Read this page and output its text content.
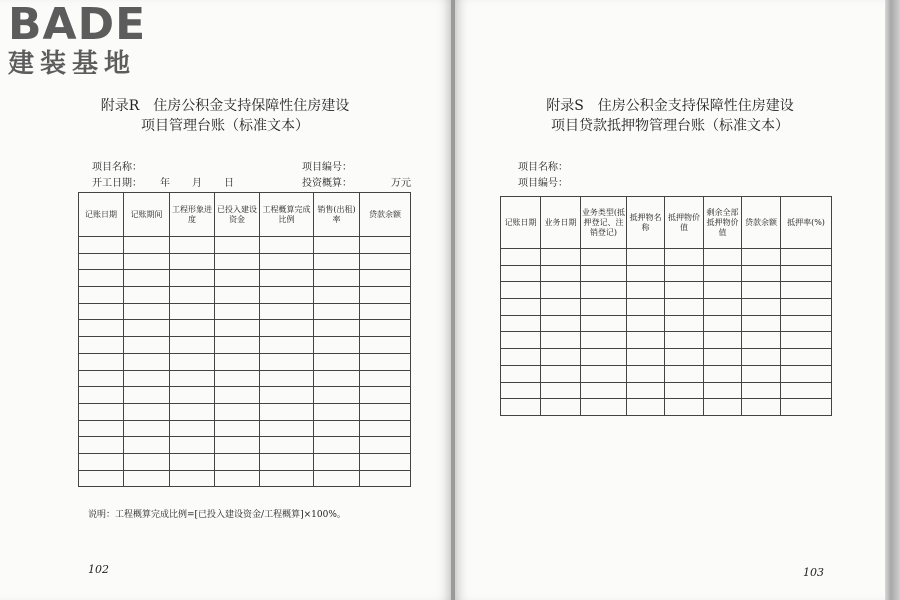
附录R　住房公积金支持保障性住房建设
项目管理台账（标准文本）
项目名称：	项目编号：
开工日期： 年 月 日	投资概算：	万元
记账日期	记账期间	工程形象进度	已投入建设资金	工程概算完成比例	销售(出租)率	贷款余额

说明：工程概算完成比例=[已投入建设资金/工程概算]×100%。
102
BADE
建装基地
附录S　住房公积金支持保障性住房建设
项目贷款抵押物管理台账（标准文本）
项目名称：
项目编号：
记账日期	业务日期	业务类型(抵押登记、注销登记)	抵押物名称	抵押物价值	剩余全部抵押物价值	贷款余额	抵押率(%)

103
